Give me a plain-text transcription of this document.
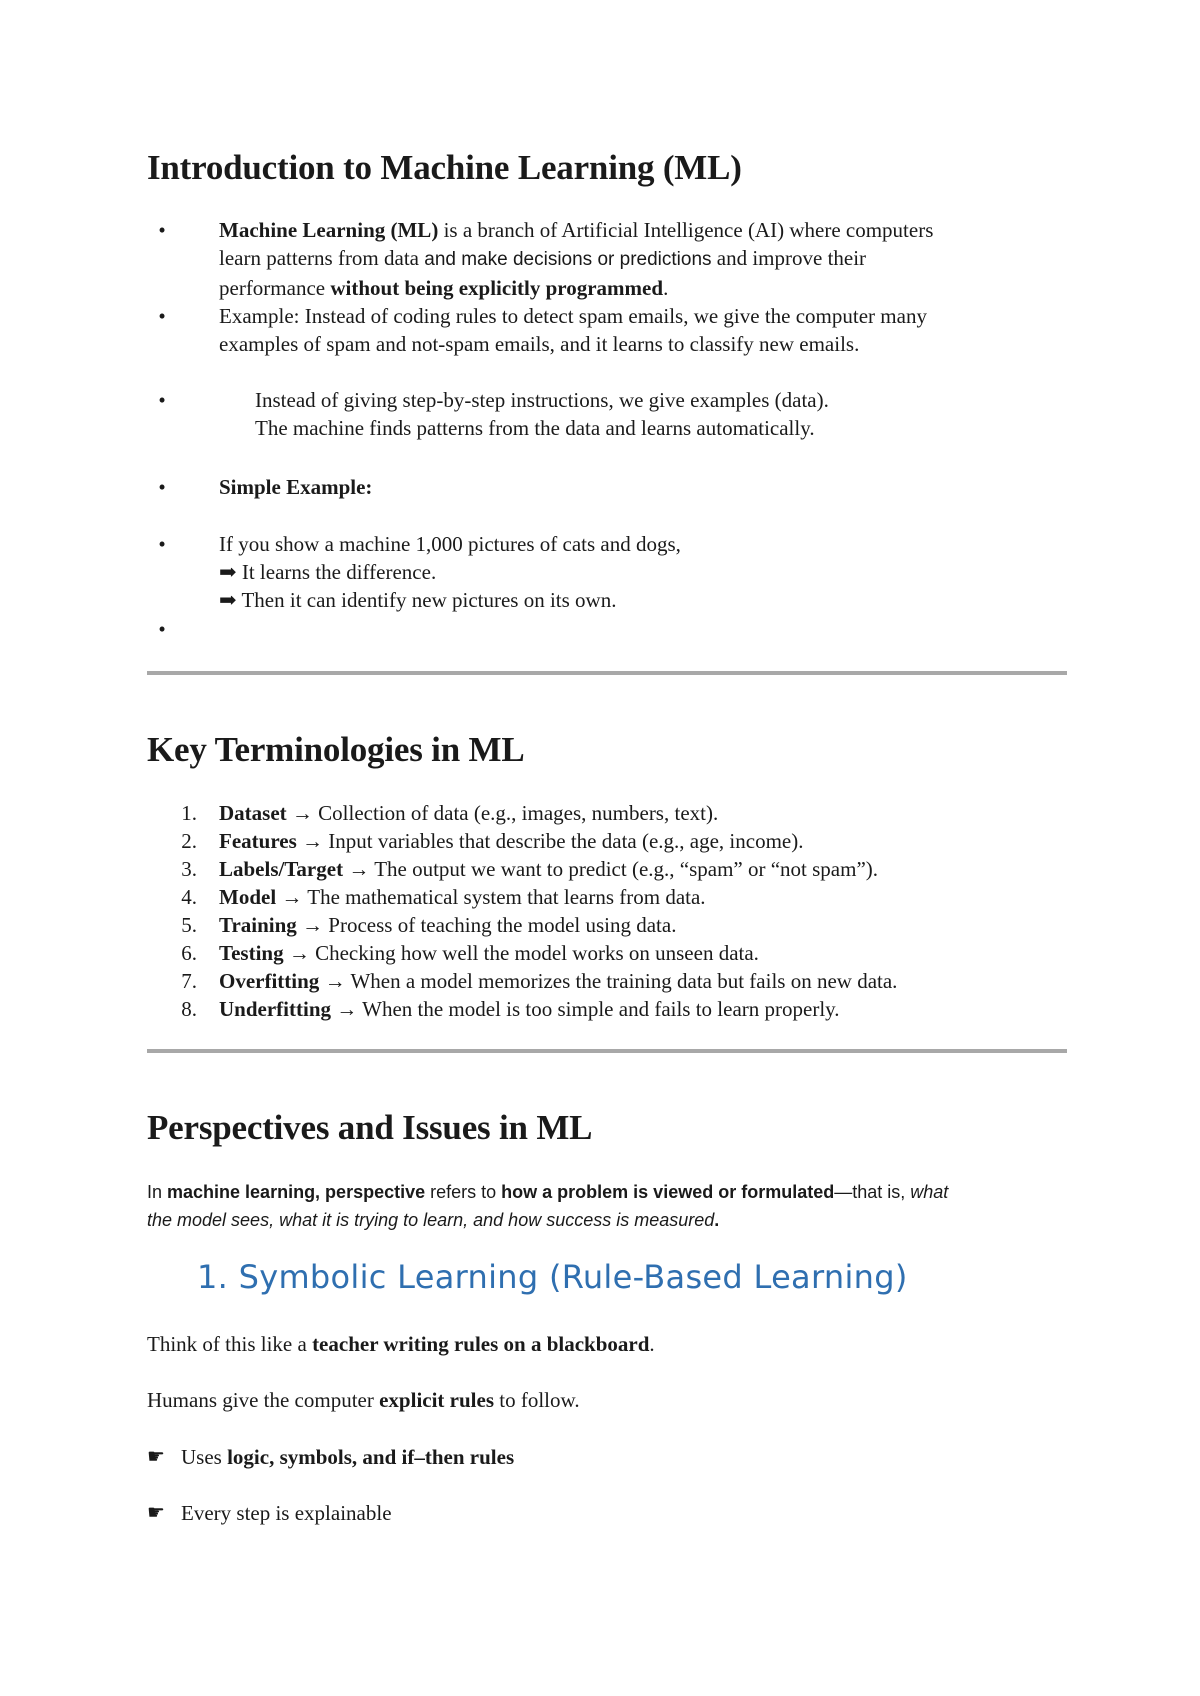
Introduction to Machine Learning (ML)
•	Machine Learning (ML) is a branch of Artificial Intelligence (AI) where computers
learn patterns from data and make decisions or predictions and improve their
performance without being explicitly programmed.
•	Example: Instead of coding rules to detect spam emails, we give the computer many
examples of spam and not-spam emails, and it learns to classify new emails.
•	Instead of giving step-by-step instructions, we give examples (data).
The machine finds patterns from the data and learns automatically.
•	Simple Example:
•	If you show a machine 1,000 pictures of cats and dogs,
➡ It learns the difference.
➡ Then it can identify new pictures on its own.
•
Key Terminologies in ML
1. Dataset → Collection of data (e.g., images, numbers, text).
2. Features → Input variables that describe the data (e.g., age, income).
3. Labels/Target → The output we want to predict (e.g., “spam” or “not spam”).
4. Model → The mathematical system that learns from data.
5. Training → Process of teaching the model using data.
6. Testing → Checking how well the model works on unseen data.
7. Overfitting → When a model memorizes the training data but fails on new data.
8. Underfitting → When the model is too simple and fails to learn properly.
Perspectives and Issues in ML
In machine learning, perspective refers to how a problem is viewed or formulated—that is, what
the model sees, what it is trying to learn, and how success is measured.
1. Symbolic Learning (Rule-Based Learning)
Think of this like a teacher writing rules on a blackboard.
Humans give the computer explicit rules to follow.
☛ Uses logic, symbols, and if–then rules
☛ Every step is explainable
